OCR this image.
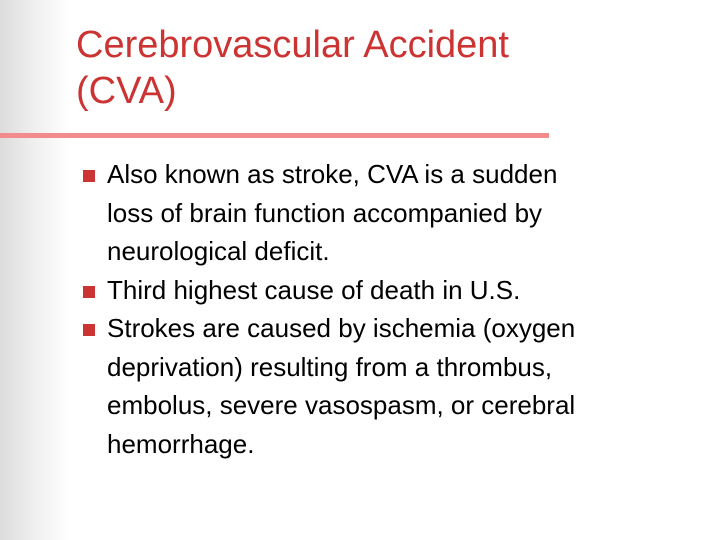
Cerebrovascular Accident
(CVA)
Also known as stroke, CVA is a sudden
loss of brain function accompanied by
neurological deficit.
Third highest cause of death in U.S.
Strokes are caused by ischemia (oxygen
deprivation) resulting from a thrombus,
embolus, severe vasospasm, or cerebral
hemorrhage.
